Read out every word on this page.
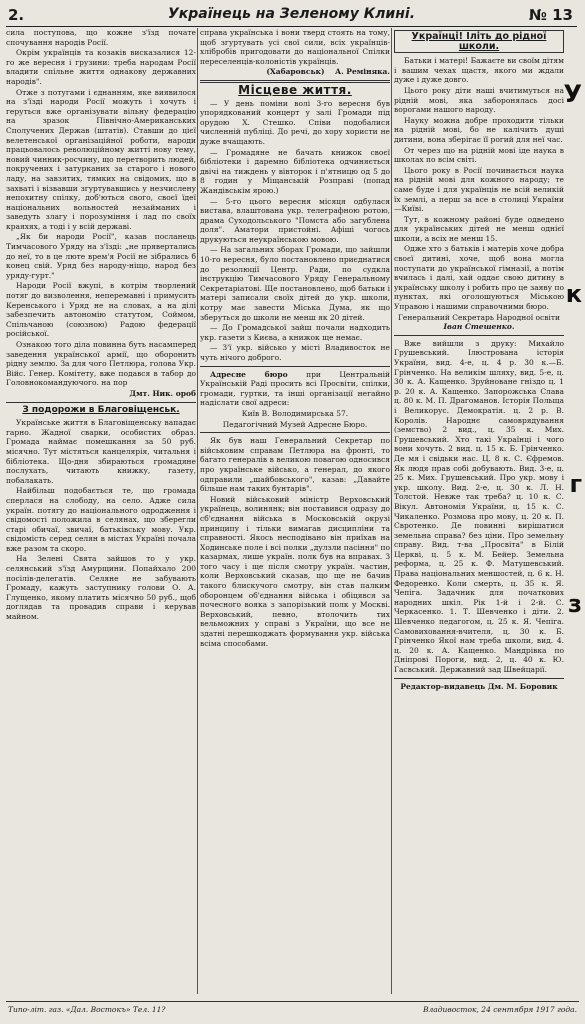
2.	Українець на Зеленому Клині.	№ 13

сила поступова, що кожне з'їзд почате спочування народів Росії.

Окрім українців та козаків висказалися 12-го же вересня і грузини: треба народам Росії владити спільне життя однакову державних народів".

Отже з потугами і єднанням, яке виявилося на з'їзді народи Росії можуть і хочуть і геруться вже організувати вільну федерацію на зразок Північно-Американських Сполучених Держав (штатів). Ставши до цієї велетенської організаційної роботи, народи працьовалось революційному житті нову тему, новий чинник-росчину, що перетворить людей, покручених і затурканих за старого і нового ладу, на завзятих, тямких на свідомих, що в захваті і візвавши згуртувавшись у незчислену непохитну спілку, доб'ються свого, своєї їдеї національних вольностей незайманих і заведуть злагу і порозуміння і лад по своїх краяхях, а тоді і у всій державі.

„Як би народи Росії", казав посланець Тимчасового Уряду на з'їзді: „не прявертались до неї, то в це люте врем'я Росії не зібрались б конец свій. Уряд без народу-ніщо, народ без уряду-гурт."

Народи Росії вжупі, в котрім творлений потяг до визволення, неперемавні і примусять Керенського і Уряд не на словах, а на ділі забезпечить автономію статутом, Соймом, Спільчаною (союзною) Радою федерації російської.

Ознакою того діла повинна буть насамперед заведення української армії, що оборонить рідну землю. За для чого Петлюра, голова Укр. Війс. Генер. Комітету, вже подався в табор до Головнокомандуючого. на пор

Дмт. Ник. ороб
З подорожи в Благовіщенськ.

Українське життя в Благовіщенську вападає гарно. Жадної сварки, особистих образ. Громада наймає помешкання за 50 руб. місячно. Тут містяться канцелярія, читальня і бібліотека. Що-дня збираються громадяне послухать, читають книжку, газету, побалакать.

Найбільш подобається те, що громада сперлася на слободу, на село. Аджe сила україн. потягу до національного одродження і свідомості положила в селянах, що зберегли старі обичаї, звичаї, батьківську мову. Укр. свідомість серед селян в містах Україні почала вже разом та скоро.

На Зелені Свята зайшов то у укр. селянський з'їзд Амурщини. Попайхало 200 посілів-делегатів. Селяне не забувають Громаду, кажуть заступнику голови О. А. Глущенко, якому платить місячно 50 руб., щоб доглядав та провадив справи і керував майном.

справа українська і вони тверд стоять на тому, щоб згуртувать усі свої сили, всіх українців-хлібробів пригодовати до національної Спілки переселенців-колоністів українців.

(Хабаровськ) А. Реміняка.
Місцеве життя.

— У день поміни волі 3-го вересня був упорядкований концерт у залі Громади під орудою Х. Стешко. Співи подобалися численній публіці. До речі, до хору хористи не дуже вчащають.

— Громадяне не бачать книжок своєї бібліотеки і даремно бібліотека одчиняється двічі на тиждень у вівторок і п'ятницю од 5 до 8 годин у Міщанській Розправі (попад Жандівськім ярою.)

— 5-го цього вересня місяця одбулася вистава, влаштована укр. телеграфною ротою, драма Суходольського "Помста або загублена доля". Аматори пристойні. Афіші чогось друкуються неукраїнською мовою.

— На загальних зборах Громади, що зайшли 10-го вересня, було постановлено приєднатися до резолюції Центр. Ради, по судкла інструкцію Тимчасового Уряду Генеральному Секретаріатові. Ще постановлено, щоб батьки і матері записали своїх дітей до укр. школи, котру має завести Міська Дума, як що зберуться до школи не менш як 20 дітей.

— До Громадської зайш почали надходить укр. газети з Києва, а книжок ще немає.

— З'ї укр. військо у місті Владивосток не чуть нічого доброго.

Адресне бюро при Центральній Українській Раді просить всі Просвіти, спілки, громади, гуртки, та інші організації негайно надіслати свої адреси:

Київ В. Володимирська 57.

Педагогічний Музей Адресне Бюро.

Як був наш Генеральний Секретар по військовим справам Петлюра на фронті, то багато генералів в великою повагою односився про українське військо, а генерал, до якого одправили „шайбовського", казав: „Давайте більше нам таких бунтарів".

Новий військовий міністр Верховський українець, волинянк; він поставився одразу до сб'єднання війська в Московській окрузі принципу і тільки вимагав дисципліни та справності. Якось несподівано він приїхав на Ходинське поле і всі полки „дулзли пасіння" по казармах, лише україн. полк був на вправах. З того часу і ще після смотру україн. частин, коли Верховський сказав, що ще не бачив такого блискучого смотру, він став палким оборонцем об'єднання війська і обіцявся за почесного вояка з запорізький полк у Москві. Верховський, певно, втолочить тих вельможних у справі з України, що все не здатні перешкоджать формування укр. війська всіма способами.

Українці! Іліть до рідної школи.

Батьки і матері! Бажаєте ви своїм дітям і вашим чехах щастя, якого ми ждали дуже і дуже довго.

Цього року діти наші вчитимуться на рідній мові, яка заборонялась досі ворогами нашого народу.

Науку можна добре проходити тільки на рідній мові, бо не калічить душі дитини, вона зберігає її рогий для неї час.

От через що на рідній мові іде наука в школах по всім світі.

Цього року в Росії починається наука на рідній мові для кожного народу; те саме буде і для українців не всій великій їх землі, а перш за все в столиці України—Київі.

Тут, в кожному районі буде одведено для українських дітей не менш однієї школи, а всіх не менш 15.

Одже хто з батьків і матерів хоче добра своєї дитині, хоче, щоб вона могла поступати до української гімназії, а потім вчилась і далі, хай оддає свою дитину в українську школу і робить про це заяву по пунктах, які оголошуються Міською Управою і нашими справочними бюро.

Генеральний Секретарь Народної освіти Іван Стешенко.

Вже вийшли з друку: Михайло Грушевський. Ілюстрована історія України, вид. 4-е, ц. 4 р. 30 к.—Б. Грінченко. На великім шляху, вид. 5-е, ц. 30 к. А. Кащенко. Зруйноване гніздо ц. 1 р. 20 к. А. Кащенко. Запорожська Слава ц. 80 к. М. П. Драгоманов. Історія Польща і Великорус. Демократія. ц. 2 р. В. Королів. Народнє самоврядування (земство) 2 вид., ц. 35 к. Мих. Грушевський. Хто такі Українці і чого вони хочуть. 2 вид. ц. 15 к. Б. Грінченко. Де мя і свідьки нас. Ц. 8 к. С. Єфремов. Як людя прав собі добувають. Вид. 3-е, ц. 25 к. Мих. Грушевський. Про укр. мову і укр. школу. Вид. 2-е, ц. 30 к. Л. Н. Толстой. Невже так треба? ц. 10 к. С. Вікул. Автономія України, ц. 15 к. С. Чикаленко. Розмова про мову, ц. 20 к. П. Свротенко. Де повинні вирішатися земельна справа? без ціни. Про земельну справу. Вид. т-ва „Просвіта" в Білій Церкві, ц. 5 к. М. Бейер. Земельна реформа, ц. 25 к. Ф. Матушевський. Права національних меншостей, ц. 6 к. Н. Федоренко. Коли смерть, ц. 35 к. Я. Чепіга. Задачник для початкових народних шкіл. Рік 1-й і 2-й. С. Черкасенко. 1. Т. Шевченко і діти. 2. Шевченко педагогом, ц. 25 к. Я. Чепіга. Самовиховання-вчителя, ц. 30 к. Б. Грінченко Якої нам треба школи, вид. 4. ц. 20 к. А. Кащенко. Мандрівка по Дніпрові Пороги, вид. 2, ц. 40 к. Ю. Гасвський. Державний зад Швейцарії.

Редактор-видавець Дм. М. Боровик
У
к
г
з
Типо-літ. газ. «Дал. Востокъ» Тел. 11?	Владивосток, 24 сентября 1917 года.
